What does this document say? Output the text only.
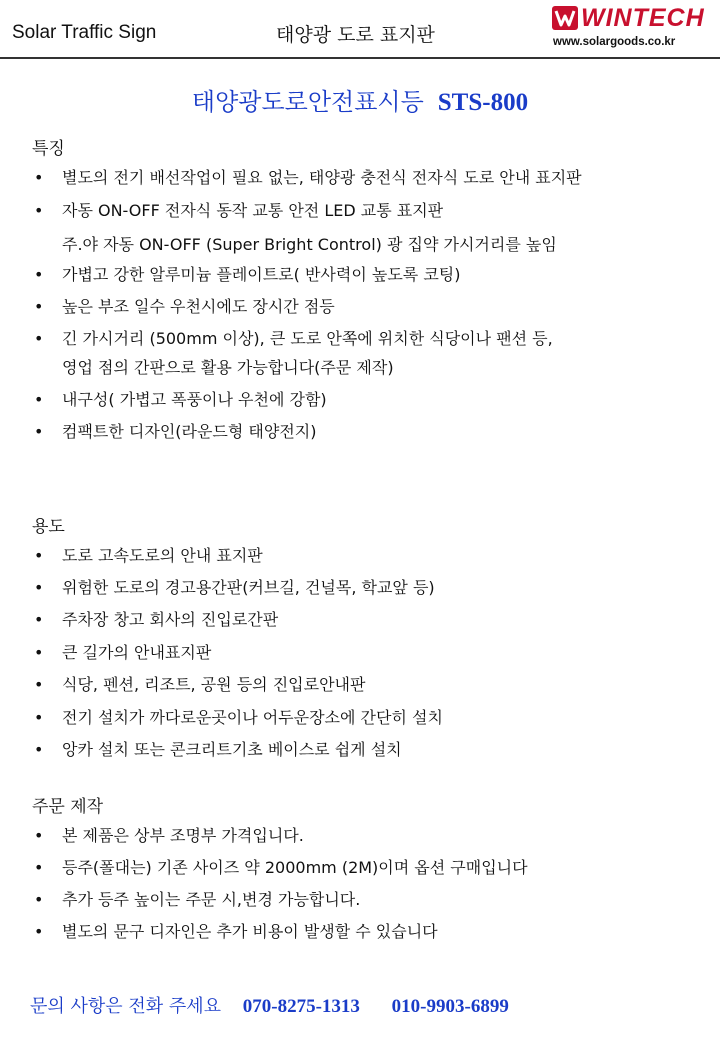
Solar Traffic Sign	태양광 도로 표지판
WINTECH
www.solargoods.co.kr
태양광도로안전표시등 STS-800
특징
• 별도의 전기 배선작업이 필요 없는, 태양광 충전식 전자식 도로 안내 표지판
• 자동 ON-OFF 전자식 동작 교통 안전 LED 교통 표지판
주.야 자동 ON-OFF (Super Bright Control) 광 집약 가시거리를 높임
• 가볍고 강한 알루미늄 플레이트로( 반사력이 높도록 코팅)
• 높은 부조 일수 우천시에도 장시간 점등
• 긴 가시거리 (500mm 이상), 큰 도로 안쪽에 위치한 식당이나 팬션 등,
영업 점의 간판으로 활용 가능합니다(주문 제작)
• 내구성( 가볍고 폭풍이나 우천에 강함)
• 컴팩트한 디자인(라운드형 태양전지)
용도
• 도로 고속도로의 안내 표지판
• 위험한 도로의 경고용간판(커브길, 건널목, 학교앞 등)
• 주차장 창고 회사의 진입로간판
• 큰 길가의 안내표지판
• 식당, 펜션, 리조트, 공원 등의 진입로안내판
• 전기 설치가 까다로운곳이나 어두운장소에 간단히 설치
• 앙카 설치 또는 콘크리트기초 베이스로 쉽게 설치
주문 제작
• 본 제품은 상부 조명부 가격입니다.
• 등주(폴대는) 기존 사이즈 약 2000mm (2M)이며 옵션 구매입니다
• 추가 등주 높이는 주문 시,변경 가능합니다.
• 별도의 문구 디자인은 추가 비용이 발생할 수 있습니다
문의 사항은 전화 주세요 070-8275-1313 010-9903-6899
